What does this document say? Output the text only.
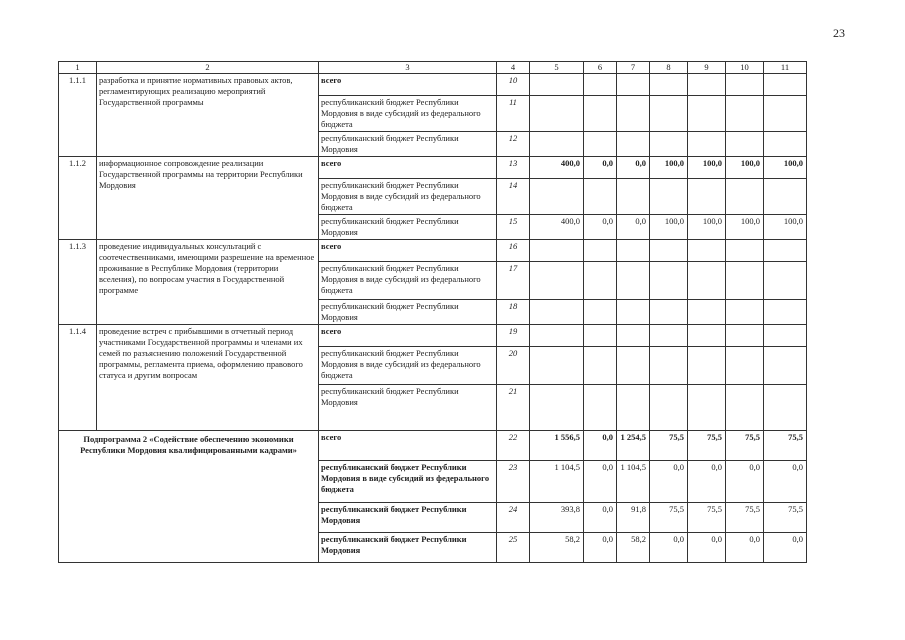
23
1	2	3	4	5	6	7	8	9	10	11
1.1.1	разработка и принятие нормативных правовых актов, регламентирующих реализацию мероприятий Государственной программы	всего	10							
		республиканский бюджет Республики Мордовия в виде субсидий из федерального бюджета	11							
		республиканский бюджет Республики Мордовия	12							
1.1.2	информационное сопровождение реализации Государственной программы на территории Республики Мордовия	всего	13	400,0	0,0	0,0	100,0	100,0	100,0	100,0
		республиканский бюджет Республики Мордовия в виде субсидий из федерального бюджета	14							
		республиканский бюджет Республики Мордовия	15	400,0	0,0	0,0	100,0	100,0	100,0	100,0
1.1.3	проведение индивидуальных консультаций с соотечественниками, имеющими разрешение на временное проживание в Республике Мордовия (территории вселения), по вопросам участия в Государственной программе	всего	16							
		республиканский бюджет Республики Мордовия в виде субсидий из федерального бюджета	17							
		республиканский бюджет Республики Мордовия	18							
1.1.4	проведение встреч с прибывшими в отчетный период участниками Государственной программы и членами их семей по разъяснению положений Государственной программы, регламента приема, оформлению правового статуса и другим вопросам	всего	19							
		республиканский бюджет Республики Мордовия в виде субсидий из федерального бюджета	20							
		республиканский бюджет Республики Мордовия	21							
Подпрограмма 2 «Содействие обеспечению экономики Республики Мордовия квалифицированными кадрами»		всего	22	1 556,5	0,0	1 254,5	75,5	75,5	75,5	75,5
		республиканский бюджет Республики Мордовия в виде субсидий из федерального бюджета	23	1 104,5	0,0	1 104,5	0,0	0,0	0,0	0,0
		республиканский бюджет Республики Мордовия	24	393,8	0,0	91,8	75,5	75,5	75,5	75,5
		республиканский бюджет Республики Мордовия	25	58,2	0,0	58,2	0,0	0,0	0,0	0,0
